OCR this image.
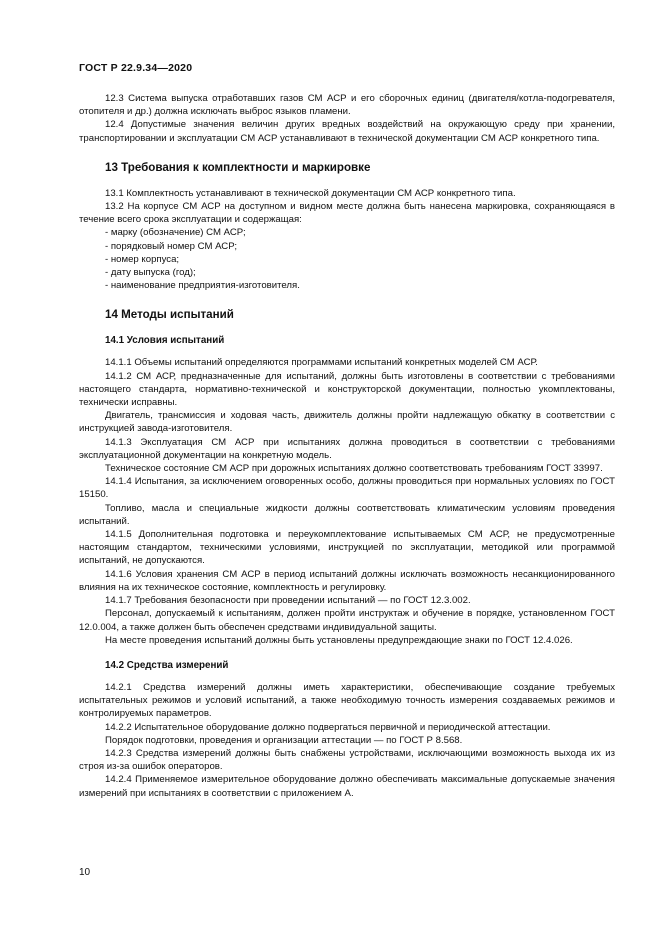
ГОСТ Р 22.9.34—2020

12.3 Система выпуска отработавших газов СМ АСР и его сборочных единиц (двигателя/котла-подогревателя, отопителя и др.) должна исключать выброс языков пламени.

12.4 Допустимые значения величин других вредных воздействий на окружающую среду при хранении, транспортировании и эксплуатации СМ АСР устанавливают в технической документации СМ АСР конкретного типа.

13 Требования к комплектности и маркировке

13.1 Комплектность устанавливают в технической документации СМ АСР конкретного типа.

13.2 На корпусе СМ АСР на доступном и видном месте должна быть нанесена маркировка, сохраняющаяся в течение всего срока эксплуатации и содержащая:

- марку (обозначение) СМ АСР;

- порядковый номер СМ АСР;

- номер корпуса;

- дату выпуска (год);

- наименование предприятия-изготовителя.

14 Методы испытаний

14.1 Условия испытаний

14.1.1 Объемы испытаний определяются программами испытаний конкретных моделей СМ АСР.

14.1.2 СМ АСР, предназначенные для испытаний, должны быть изготовлены в соответствии с требованиями настоящего стандарта, нормативно-технической и конструкторской документации, полностью укомплектованы, технически исправны.

Двигатель, трансмиссия и ходовая часть, движитель должны пройти надлежащую обкатку в соответствии с инструкцией завода-изготовителя.

14.1.3 Эксплуатация СМ АСР при испытаниях должна проводиться в соответствии с требованиями эксплуатационной документации на конкретную модель.

Техническое состояние СМ АСР при дорожных испытаниях должно соответствовать требованиям ГОСТ 33997.

14.1.4 Испытания, за исключением оговоренных особо, должны проводиться при нормальных условиях по ГОСТ 15150.

Топливо, масла и специальные жидкости должны соответствовать климатическим условиям проведения испытаний.

14.1.5 Дополнительная подготовка и переукомплектование испытываемых СМ АСР, не предусмотренные настоящим стандартом, техническими условиями, инструкцией по эксплуатации, методикой или программой испытаний, не допускаются.

14.1.6 Условия хранения СМ АСР в период испытаний должны исключать возможность несанкционированного влияния на их техническое состояние, комплектность и регулировку.

14.1.7 Требования безопасности при проведении испытаний — по ГОСТ 12.3.002.

Персонал, допускаемый к испытаниям, должен пройти инструктаж и обучение в порядке, установленном ГОСТ 12.0.004, а также должен быть обеспечен средствами индивидуальной защиты.

На месте проведения испытаний должны быть установлены предупреждающие знаки по ГОСТ 12.4.026.

14.2 Средства измерений

14.2.1 Средства измерений должны иметь характеристики, обеспечивающие создание требуемых испытательных режимов и условий испытаний, а также необходимую точность измерения создаваемых режимов и контролируемых параметров.

14.2.2 Испытательное оборудование должно подвергаться первичной и периодической аттестации.

Порядок подготовки, проведения и организации аттестации — по ГОСТ Р 8.568.

14.2.3 Средства измерений должны быть снабжены устройствами, исключающими возможность выхода их из строя из-за ошибок операторов.

14.2.4 Применяемое измерительное оборудование должно обеспечивать максимальные допускаемые значения измерений при испытаниях в соответствии с приложением А.

10
